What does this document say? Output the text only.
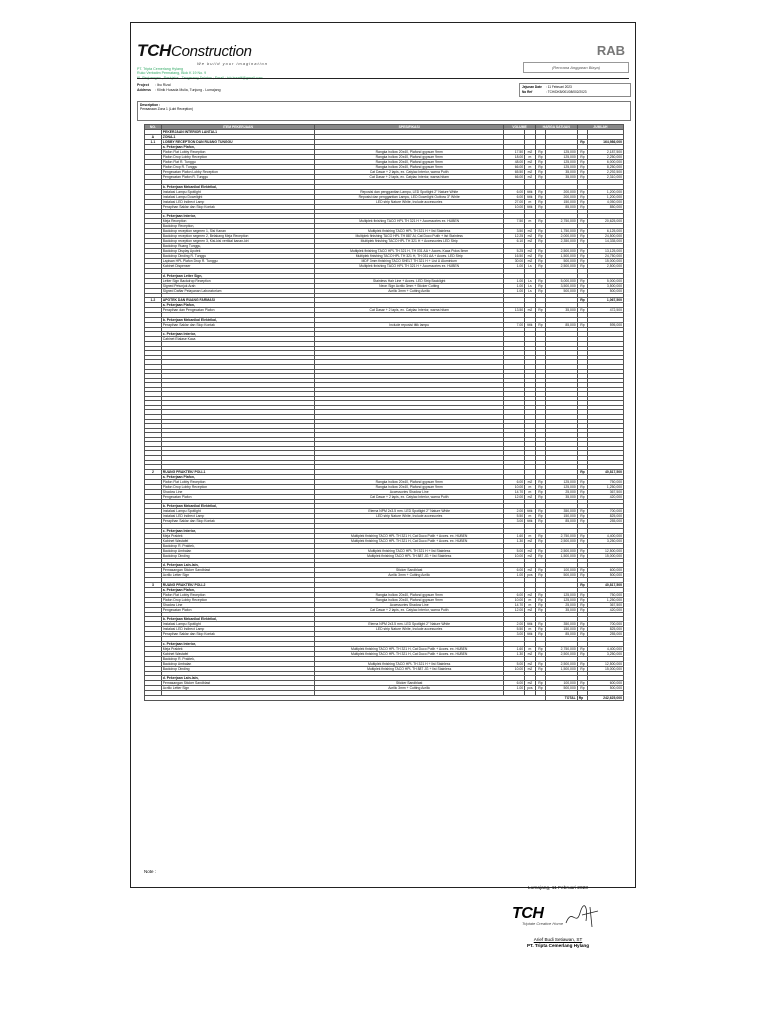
TCHConstruction
We build your imagination
PT. Tripta Cemerlang Hylang
Ruko Verbatim Permatang, Blok K 19 No. 9
Kl. Perjuangan , Pasirjaha - Tangerang Selatan ; Email : tch.kreatif@gmail.com
RAB
(Rencana Anggaran Biaya)
Project : Ibu Rizal
Address : Klinik Husada Mulia, Tunjung - Lumajang
Jejunan Date : 11 Februari 2023
No Ref	: TCH/DKB/001/08/002/2023
Description :
Pensanaan Zona 1 (Lobi Reception)
NO.	ITEM PEKERJAAN	SPESIFIKASI	VOLUME		HARGA SATUAN		JUMLAH	
	PEKERJAAN INTERIOR LANTAI-1							
A	ZONA-1							
1.1	LOBBY RECEPTION DAN RUANG TUNGGU						Rp	164,986,000
	a. Pekerjaan Plafon,							
	Plafon Flat Lobby Reception	Rangka hollow 20x40, Plafond gypsum 9mm	17.50	m2	Rp	125,000	Rp	2,187,500
	Plafon Drop Lobby Reception	Rangka hollow 20x40, Plafond gypsum 9mm	18.00	m	Rp	125,000	Rp	2,250,000
	Plafon Flat R. Tunggu	Rangka hollow 20x40, Plafond gypsum 9mm	48.00	m2	Rp	125,000	Rp	6,000,000
	Plafon Drop R. Tunggu	Rangka hollow 20x40, Plafond gypsum 9mm	66.00	m	Rp	125,000	Rp	8,250,000
	Pengecatan Plafon Lobby Reception	Cat Dasar + 2 lapis, ex. Catylac Interior, warna Putih	65.50	m2	Rp	35,000	Rp	2,292,500
	Pengecatan Plafon R. Tunggu	Cat Dasar + 2 lapis, ex. Catylac Interior, warna hitam	66.00	m2	Rp	35,000	Rp	2,310,000

	b. Pekerjaan Mekanikal Elektrikal,							
	Instalasi Lampu Spotlight	Reposisi dan penggantian Lampu, LED Spotlight 2" Nature White	6.00	titik	Rp	200,000	Rp	1,200,000
	Instalasi Lampu Downlight	Reposisi dan penggantian Lampu, LED Downlight Outbow 3" White	6.00	titik	Rp	200,000	Rp	1,200,000
	Instalasi LED Indirect Lamp	LED strip Nature White, Include accessories	27.00	m	Rp	150,000	Rp	4,050,000
	Perapihan Saklar dan Stop Kontak		10.00	titik	Rp	85,000	Rp	850,000

	c. Pekerjaan Interior,							
	Meja Reception	Multiplek finishing TACO HPL TH 321 H + Accessories ex. HUBEN	7.50	m	Rp	2,750,000	Rp	20,625,000
	Backdrop Reception,							
	Backdrop reception segmen 1, Sisi Kanan	Multiplek finishing TACO HPL TH 321 H + list Stainless	3.50	m2	Rp	1,750,000	Rp	6,125,000
	Backdrop reception segmen 2, Belakang Meja Reception	Multiplek finishing TACO HPL TH 887 Al, Cat Duco Putih + list Stainless	12.25	m2	Rp	2,000,000	Rp	24,500,000
	Backdrop reception segmen 3, Kisi-kisi vertikal kanan-kiri	Multiplek finishing TACO HPL TH 321 H + Accessories LED Strip	6.10	m2	Rp	2,350,000	Rp	14,335,000
	Backdrop Ruang Tunggu,							
	Backdrop Display Apotek	Multiplek finishing TACO HPL TH 321 H, TH 031 AA + Acces. Kaca Polos 5mm	5.25	m2	Rp	2,500,000	Rp	13,125,000
	Backdrop Dinding R. Tunggu	Multiplek finishing TACO HPL TH 321 H, TH 031 AA + Acces. LED Strip	16.50	m2	Rp	1,500,000	Rp	24,750,000
	Lapisan HPL Plafon Drop R. Tunggu	MDF 3mm finishing TACO SHELT TH 321 H + List U Aluminium	30.00	m2	Rp	500,000	Rp	15,000,000
	Kabinet Dispenser	Multiplek finishing TACO HPL TH 321 H + Accessories ex. HUBEN	1.00	Ls	Rp	2,500,000	Rp	2,500,000

	d. Pekerjaan Letter Sign,							
	Letter Sign Backdrop Reception	Stainless Hair Line + Acces. LED Strip Backlight	1.00	Ls	Rp	5,000,000	Rp	5,000,000
	Signed Petunjuk Arah	Neon Sign Acrilic 3mm + Sticker Cutting	1.00	Ls	Rp	3,500,000	Rp	3,500,000
	Signed Daftar Pelayanan Laboratorium	Acrilic 3mm + Cutting Acrilic	1.00	Ls	Rp	500,000	Rp	500,000

1.2	APOTEK DAN RUANG FARMASI						Rp	1,067,500
	a. Pekerjaan Plafon,							
	Perapihan dan Pengecatan Plafon	Cat Dasar + 2 lapis, ex. Catylac Interior, warna hitam	13.50	m2	Rp	35,000	Rp	472,500

	b. Pekerjaan Mekanikal Elektrikal,							
	Perapihan Saklar dan Stop Kontak	Include reposisi titik lampu	7.00	titik	Rp	85,000	Rp	595,000

	c. Pekerjaan Interior,							
	Cabinet Etalase Kaca							

2	RUANG PRAKTEK/ POLI-1						Rp	40,817,500
	a. Pekerjaan Plafon,							
	Plafon Flat Lobby Reception	Rangka hollow 20x40, Plafond gypsum 9mm	6.00	m2	Rp	125,000	Rp	750,000
	Plafon Drop Lobby Reception	Rangka hollow 20x40, Plafond gypsum 9mm	10.00	m	Rp	125,000	Rp	1,250,000
	Shadow Line	Accessories Shadow Line	14.70	m	Rp	25,000	Rp	367,500
	Pengecatan Plafon	Cat Dasar + 2 lapis, ex. Catylac Interior, warna Putih	12.00	m2	Rp	35,000	Rp	420,000

	b. Pekerjaan Mekanikal Elektrikal,							
	Instalasi Lampu Spotlight	Eterna NPM 2x3.5 mm. LED Spotlight 2" Nature White	2.00	titik	Rp	350,000	Rp	700,000
	Instalasi LED Indirect Lamp	LED strip Nature White, Include accessories	5.50	m	Rp	150,000	Rp	825,000
	Perapihan Saklar dan Stop Kontak		3.00	titik	Rp	85,000	Rp	255,000

	c. Pekerjaan Interior,							
	Meja Praktek	Multiplek finishing TACO HPL TH 321 H, Cat Duco Putih + Acces. ex. HUBEN	1.60	m	Rp	2,750,000	Rp	4,400,000
	Kabinet Wastafel	Multiplek finishing TACO HPL TH 321 H, Cat Duco Putih + Acces. ex. HUBEN	1.30	m2	Rp	2,500,000	Rp	3,250,000
	Backdrop R. Praktek,							
	Backdrop Ambalan	Multiplek finishing TACO HPL TH 321 H + list Stainless	5.00	m2	Rp	2,500,000	Rp	12,500,000
	Backdrop Dinding	Multiplek finishing TACO HPL TH 887 JG + list Stainless	10.00	m2	Rp	1,500,000	Rp	15,000,000

	d. Pekerjaan Lain-lain,							
	Pemasangan Sticker Sandblast	Sticker Sandblast	6.00	m2	Rp	100,000	Rp	600,000
	Acrilic Letter Sign	Acrilic 3mm + Cutting Acrilic	1.00	pcs	Rp	500,000	Rp	500,000

3	RUANG PRAKTEK/ POLI-2						Rp	40,817,500
	a. Pekerjaan Plafon,							
	Plafon Flat Lobby Reception	Rangka hollow 20x40, Plafond gypsum 9mm	6.00	m2	Rp	125,000	Rp	750,000
	Plafon Drop Lobby Reception	Rangka hollow 20x40, Plafond gypsum 9mm	10.00	m	Rp	125,000	Rp	1,250,000
	Shadow Line	Accessories Shadow Line	14.70	m	Rp	25,000	Rp	367,500
	Pengecatan Plafon	Cat Dasar + 2 lapis, ex. Catylac Interior, warna Putih	12.00	m2	Rp	35,000	Rp	420,000

	b. Pekerjaan Mekanikal Elektrikal,							
	Instalasi Lampu Spotlight	Eterna NPM 2x3.5 mm. LED Spotlight 2" Nature White	2.00	titik	Rp	350,000	Rp	700,000
	Instalasi LED Indirect Lamp	LED strip Nature White, Include accessories	5.50	m	Rp	150,000	Rp	825,000
	Perapihan Saklar dan Stop Kontak		3.00	titik	Rp	85,000	Rp	255,000

	c. Pekerjaan Interior,							
	Meja Praktek	Multiplek finishing TACO HPL TH 321 H, Cat Duco Putih + Acces. ex. HUBEN	1.60	m	Rp	2,750,000	Rp	4,400,000
	Kabinet Wastafel	Multiplek finishing TACO HPL TH 321 H, Cat Duco Putih + Acces. ex. HUBEN	1.30	m2	Rp	2,500,000	Rp	3,250,000
	Backdrop R. Praktek,							
	Backdrop Ambalan	Multiplek finishing TACO HPL TH 321 H + list Stainless	5.00	m2	Rp	2,500,000	Rp	12,500,000
	Backdrop Dinding	Multiplek finishing TACO HPL TH 887 JG + list Stainless	10.00	m2	Rp	1,500,000	Rp	15,000,000

	d. Pekerjaan Lain-lain,							
	Pemasangan Sticker Sandblast	Sticker Sandblast	6.00	m2	Rp	100,000	Rp	600,000
	Acrilic Letter Sign	Acrilic 3mm + Cutting Acrilic	1.00	pcs	Rp	500,000	Rp	500,000

						TOTAL	Rp	242,625,000
Note :
Lumajang, 11 Februari 2023
TCH
Triptate Creative Home
Arief Budi Setiawan, ST
PT. Tripta Cemerlang Hylang
